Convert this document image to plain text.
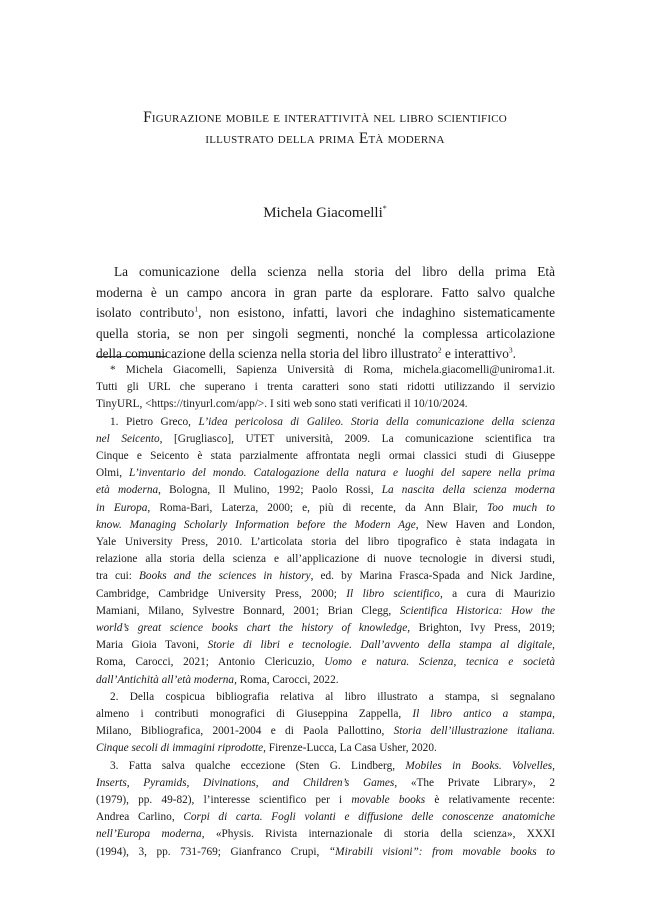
Figurazione mobile e interattività nel libro scientifico
illustrato della prima Età moderna
Michela Giacomelli*
La comunicazione della scienza nella storia del libro della prima Età
moderna è un campo ancora in gran parte da esplorare. Fatto salvo qualche
isolato contributo$^1$, non esistono, infatti, lavori che indaghino sistematicamente
quella storia, se non per singoli segmenti, nonché la complessa articolazione
della comunicazione della scienza nella storia del libro illustrato$^2$ e interattivo$^3$.
* Michela Giacomelli, Sapienza Università di Roma, michela.giacomelli@uniroma1.it.
Tutti gli URL che superano i trenta caratteri sono stati ridotti utilizzando il servizio
TinyURL, <https://tinyurl.com/app/>. I siti web sono stati verificati il 10/10/2024.
1. Pietro Greco, L’idea pericolosa di Galileo. Storia della comunicazione della scienza
nel Seicento, [Grugliasco], UTET università, 2009. La comunicazione scientifica tra
Cinque e Seicento è stata parzialmente affrontata negli ormai classici studi di Giuseppe
Olmi, L’inventario del mondo. Catalogazione della natura e luoghi del sapere nella prima
età moderna, Bologna, Il Mulino, 1992; Paolo Rossi, La nascita della scienza moderna
in Europa, Roma-Bari, Laterza, 2000; e, più di recente, da Ann Blair, Too much to
know. Managing Scholarly Information before the Modern Age, New Haven and London,
Yale University Press, 2010. L’articolata storia del libro tipografico è stata indagata in
relazione alla storia della scienza e all’applicazione di nuove tecnologie in diversi studi,
tra cui: Books and the sciences in history, ed. by Marina Frasca-Spada and Nick Jardine,
Cambridge, Cambridge University Press, 2000; Il libro scientifico, a cura di Maurizio
Mamiani, Milano, Sylvestre Bonnard, 2001; Brian Clegg, Scientifica Historica: How the
world’s great science books chart the history of knowledge, Brighton, Ivy Press, 2019;
Maria Gioia Tavoni, Storie di libri e tecnologie. Dall’avvento della stampa al digitale,
Roma, Carocci, 2021; Antonio Clericuzio, Uomo e natura. Scienza, tecnica e società
dall’Antichità all’età moderna, Roma, Carocci, 2022.
2. Della cospicua bibliografia relativa al libro illustrato a stampa, si segnalano
almeno i contributi monografici di Giuseppina Zappella, Il libro antico a stampa,
Milano, Bibliografica, 2001-2004 e di Paola Pallottino, Storia dell’illustrazione italiana.
Cinque secoli di immagini riprodotte, Firenze-Lucca, La Casa Usher, 2020.
3. Fatta salva qualche eccezione (Sten G. Lindberg, Mobiles in Books. Volvelles,
Inserts, Pyramids, Divinations, and Children’s Games, «The Private Library», 2
(1979), pp. 49-82), l’interesse scientifico per i movable books è relativamente recente:
Andrea Carlino, Corpi di carta. Fogli volanti e diffusione delle conoscenze anatomiche
nell’Europa moderna, «Physis. Rivista internazionale di storia della scienza», XXXI
(1994), 3, pp. 731-769; Gianfranco Crupi, “Mirabili visioni”: from movable books to
